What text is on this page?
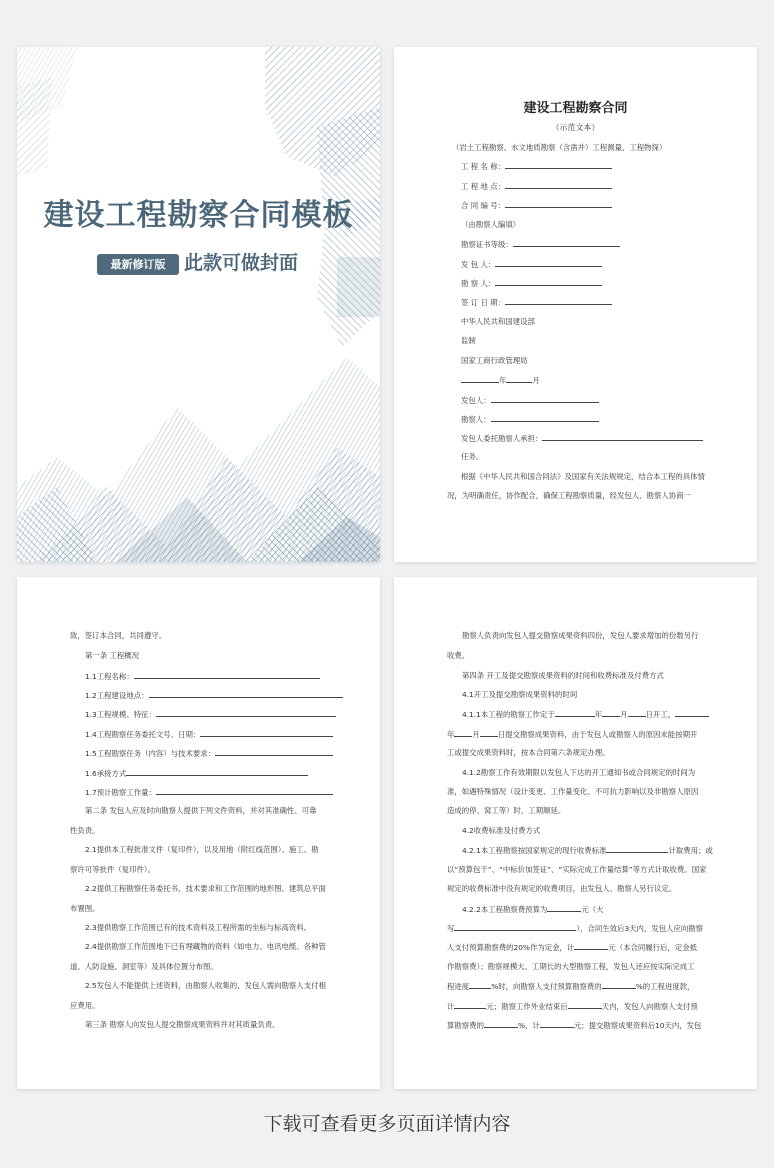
建设工程勘察合同模板
最新修订版 此款可做封面
建设工程勘察合同
（示范文本）
（岩土工程勘察、水文地质勘察（含凿井）工程测量、工程物探）
工 程 名 称：
工 程 地 点：
合 同 编 号：
（由勘察人编填）
勘察证书等级：
发 包 人：
勘 察 人：
签 订 日 期：
中华人民共和国建设部
监制
国家工商行政管理局
年	月
发包人：
勘察人：
发包人委托勘察人承担：
任务。
根据《中华人民共和国合同法》及国家有关法规规定，结合本工程的具体情
况，为明确责任，协作配合，确保工程勘察质量，经发包人、勘察人协商一
致，签订本合同，共同遵守。
第一条 工程概况
1.1工程名称：
1.2工程建设地点：
1.3工程规模、特征：
1.4工程勘察任务委托文号、日期：
1.5工程勘察任务（内容）与技术要求：
1.6承接方式
1.7预计勘察工作量：
第二条 发包人应及时向勘察人提供下列文件资料，并对其准确性、可靠
性负责。
2.1提供本工程批准文件（复印件），以及用地（附红线范围）、施工、勘
察许可等批件（复印件）。
2.2提供工程勘察任务委托书、技术要求和工作范围的地形图、建筑总平面
布置图。
2.3提供勘察工作范围已有的技术资料及工程所需的坐标与标高资料。
2.4提供勘察工作范围地下已有埋藏物的资料（如电力、电讯电缆、各种管
道、人防设施、洞室等）及具体位置分布图。
2.5发包人不能提供上述资料，由勘察人收集的，发包人需向勘察人支付相
应费用。
第三条 勘察人向发包人提交勘察成果资料并对其质量负责。
勘察人负责向发包人提交勘察成果资料四份，发包人要求增加的份数另行
收费。
第四条 开工及提交勘察成果资料的时间和收费标准及付费方式
4.1开工及提交勘察成果资料的时间
4.1.1本工程的勘察工作定于	年 月 日开工，
年 月 日提交勘察成果资料，由于发包人或勘察人的原因未能按期开
工或提交成果资料时，按本合同第六条规定办理。
4.1.2勘察工作有效期限以发包人下达的开工通知书或合同规定的时间为
准，如遇特殊情况（设计变更、工作量变化、不可抗力影响以及非勘察人原因
造成的停、窝工等）时，工期顺延。
4.2收费标准及付费方式
4.2.1本工程勘察按国家规定的现行收费标准	计取费用；或
以“预算包干”、“中标价加签证”、“实际完成工作量结算”等方式计取收费。国家
规定的收费标准中没有规定的收费项目，由发包人、勘察人另行议定。
4.2.2本工程勘察费预算为	元（大
写	），合同生效后3天内，发包人应向勘察
人支付预算勘察费的20%作为定金，计	元（本合同履行后，定金抵
作勘察费）；勘察规模大、工期长的大型勘察工程，发包人还应按实际完成工
程进度	%时，向勘察人支付预算勘察费的	%的工程进度款，
计	元；勘察工作外业结束后	天内，发包人向勘察人支付预
算勘察费的	%，计	元；提交勘察成果资料后10天内，发包
下载可查看更多页面详情内容
